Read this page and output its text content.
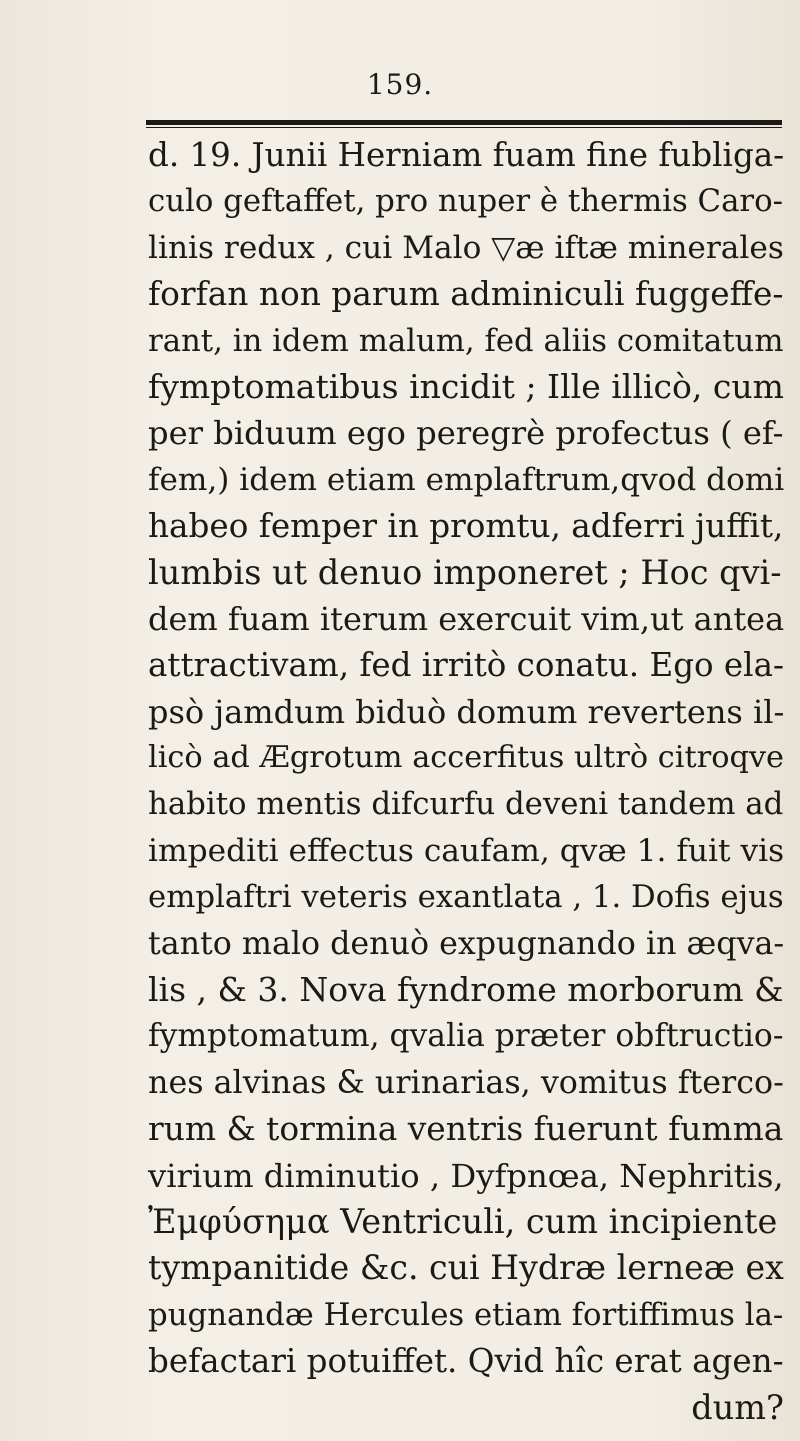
159.
d. 19. Junii Herniam fuam fine fubliga-
culo geftaffet, pro nuper è thermis Caro-
linis redux , cui Malo ▽æ iftæ minerales
forfan non parum adminiculi fuggeffe-
rant, in idem malum, fed aliis comitatum
fymptomatibus incidit ; Ille illicò, cum
per biduum ego peregrè profectus ( ef-
fem,) idem etiam emplaftrum,qvod domi
habeo femper in promtu, adferri juffit,
lumbis ut denuo imponeret ; Hoc qvi-
dem fuam iterum exercuit vim,ut antea
attractivam, fed irritò conatu. Ego ela-
psò jamdum biduò domum revertens il-
licò ad Ægrotum accerfitus ultrò citroqve
habito mentis difcurfu deveni tandem ad
impediti effectus caufam, qvæ 1. fuit vis
emplaftri veteris exantlata , 1. Dofis ejus
tanto malo denuò expugnando in æqva-
lis , & 3. Nova fyndrome morborum &
fymptomatum, qvalia præter obftructio-
nes alvinas & urinarias, vomitus fterco-
rum & tormina ventris fuerunt fumma
virium diminutio , Dyfpnœa, Nephritis,
Ἐμφύσημα Ventriculi, cum incipiente
tympanitide &c. cui Hydræ lerneæ ex
pugnandæ Hercules etiam fortiffimus la-
befactari potuiffet. Qvid hîc erat agen-
dum?
